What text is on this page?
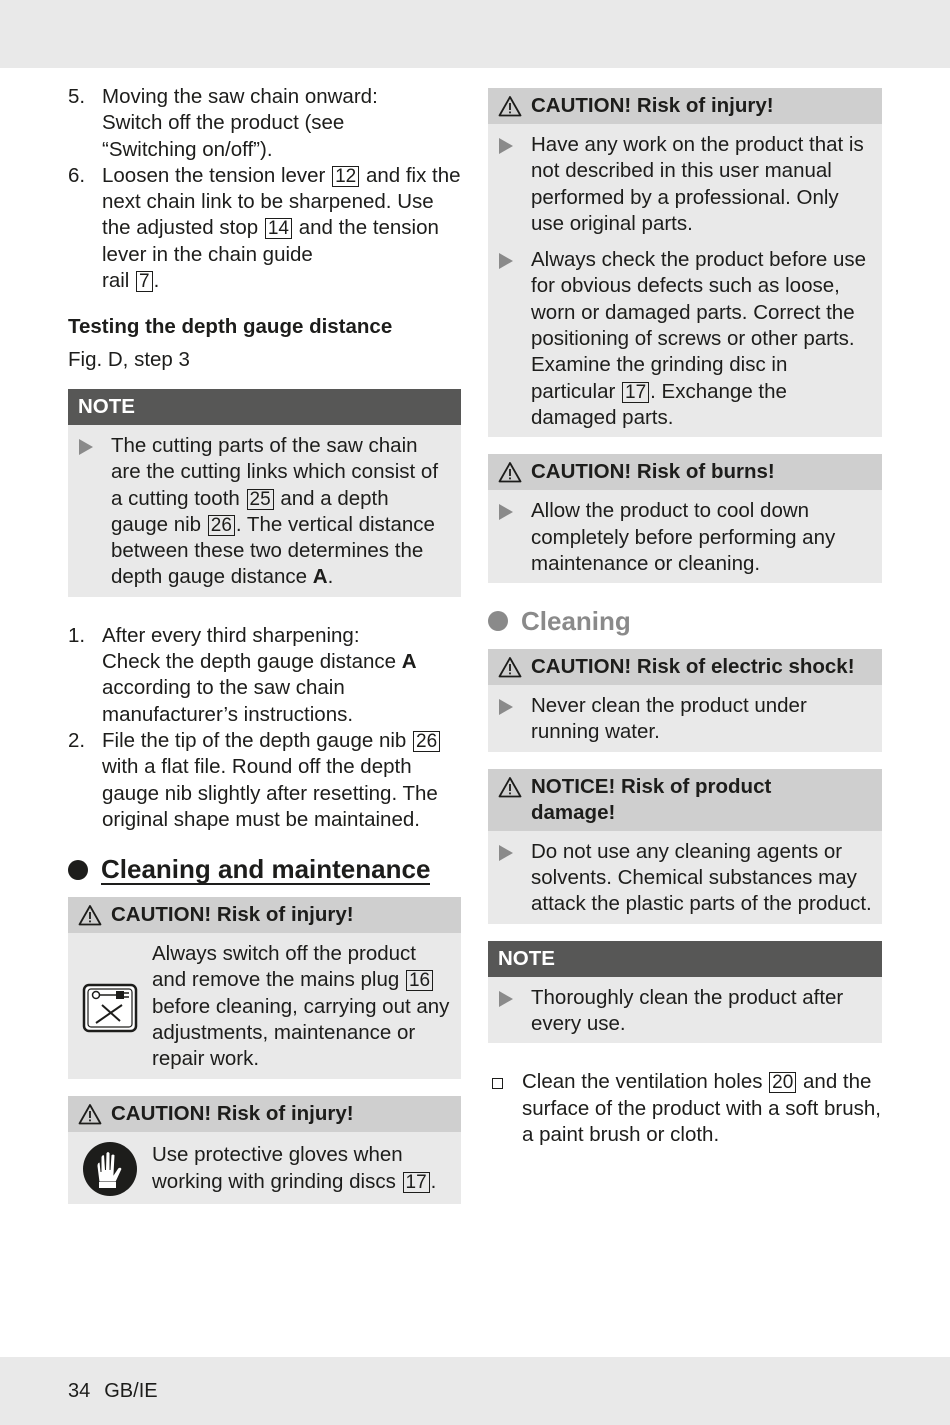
5. Moving the saw chain onward:
Switch off the product (see
“Switching on/off”).
6. Loosen the tension lever 12 and fix the next chain link to be sharpened. Use the adjusted stop 14 and the tension lever in the chain guide
rail 7 .
Testing the depth gauge distance
Fig. D, step 3
NOTE
The cutting parts of the saw chain are the cutting links which consist of a cutting tooth 25 and a depth gauge nib 26 . The vertical distance between these two determines the depth gauge distance A.
1. After every third sharpening:
Check the depth gauge distance A according to the saw chain manufacturer’s instructions.
2. File the tip of the depth gauge nib 26 with a flat file. Round off the depth gauge nib slightly after resetting. The original shape must be maintained.
Cleaning and maintenance
CAUTION! Risk of injury!
Always switch off the product and remove the mains plug 16 before cleaning, carrying out any adjustments, maintenance or repair work.
CAUTION! Risk of injury!
Use protective gloves when working with grinding discs 17 .
CAUTION! Risk of injury!
Have any work on the product that is not described in this user manual performed by a professional. Only use original parts.
Always check the product before use for obvious defects such as loose, worn or damaged parts. Correct the positioning of screws or other parts. Examine the grinding disc in particular 17 . Exchange the damaged parts.
CAUTION! Risk of burns!
Allow the product to cool down completely before performing any maintenance or cleaning.
Cleaning
CAUTION! Risk of electric shock!
Never clean the product under running water.
NOTICE! Risk of product damage!
Do not use any cleaning agents or solvents. Chemical substances may attack the plastic parts of the product.
NOTE
Thoroughly clean the product after every use.
Clean the ventilation holes 20 and the surface of the product with a soft brush, a paint brush or cloth.
34 GB/IE
